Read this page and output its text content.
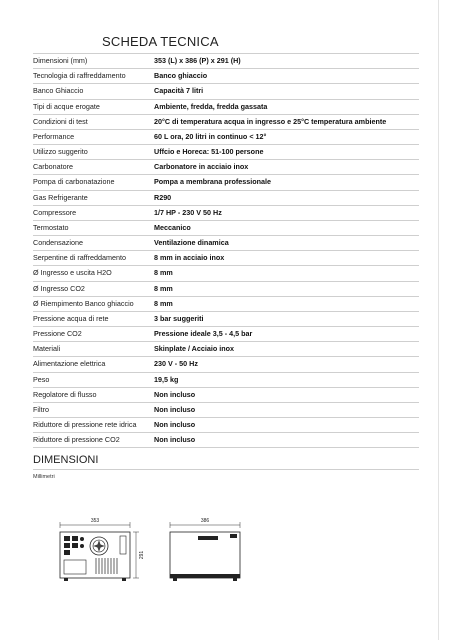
SCHEDA TECNICA
Dimensioni (mm)	353 (L) x 386 (P) x 291 (H)
Tecnologia di raffreddamento	Banco ghiaccio
Banco Ghiaccio	Capacità 7 litri
Tipi di acque erogate	Ambiente, fredda, fredda gassata
Condizioni di test	20°C di temperatura acqua in ingresso e 25°C temperatura ambiente
Performance	60 L ora, 20 litri in continuo < 12°
Utilizzo suggerito	Uffcio e Horeca: 51-100 persone
Carbonatore	Carbonatore in acciaio inox
Pompa di carbonatazione	Pompa a membrana professionale
Gas Refrigerante	R290
Compressore	1/7 HP - 230 V 50 Hz
Termostato	Meccanico
Condensazione	Ventilazione dinamica
Serpentine di raffreddamento	8 mm in acciaio inox
Ø Ingresso e uscita H2O	8 mm
Ø Ingresso CO2	8 mm
Ø Riempimento Banco ghiaccio	8 mm
Pressione acqua di rete	3 bar suggeriti
Pressione CO2	Pressione ideale 3,5 - 4,5 bar
Materiali	Skinplate / Acciaio inox
Alimentazione elettrica	230 V - 50 Hz
Peso	19,5 kg
Regolatore di flusso	Non incluso
Filtro	Non incluso
Riduttore di pressione rete idrica	Non incluso
Riduttore di pressione CO2	Non incluso
DIMENSIONI
Millimetri
353
291
386
